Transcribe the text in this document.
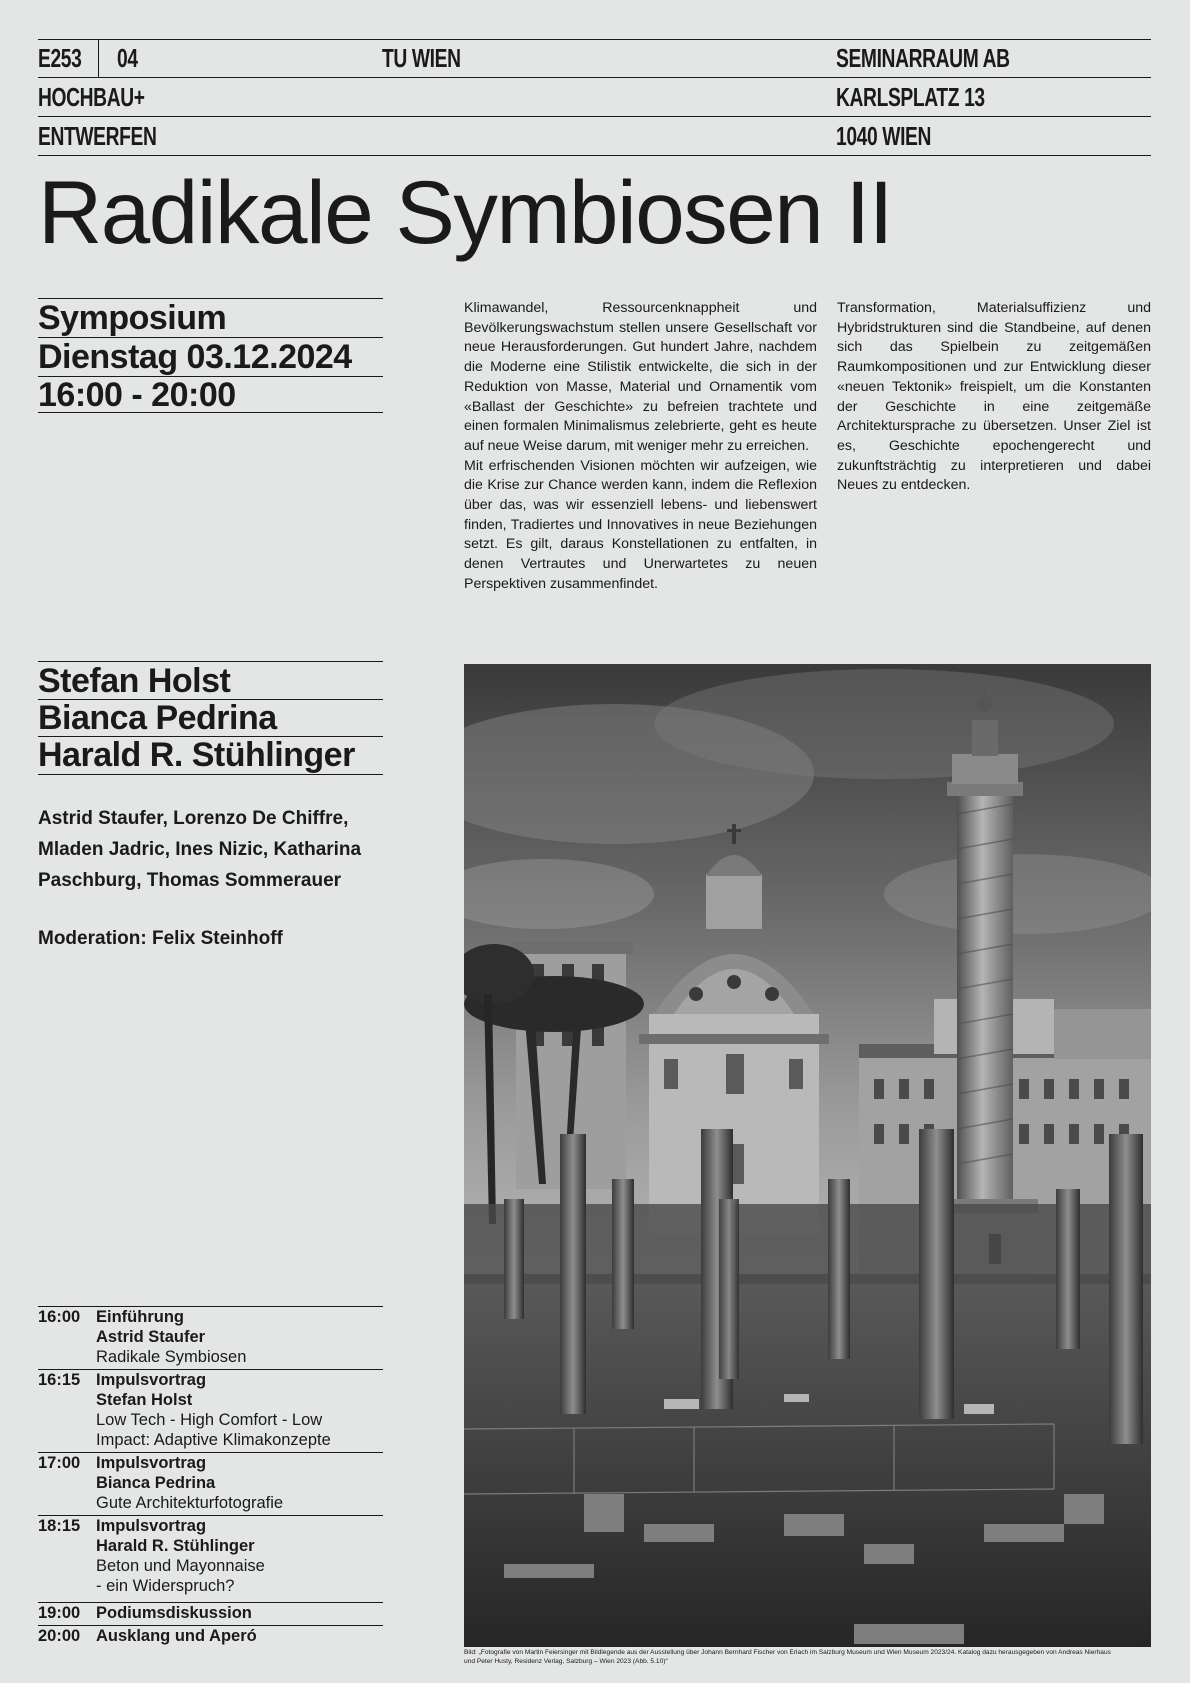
E253 04
HOCHBAU+
ENTWERFEN
TU WIEN	SEMINARRAUM AB
KARLSPLATZ 13
1040 WIEN
Radikale Symbiosen II
Symposium
Dienstag 03.12.2024
16:00 - 20:00

Klimawandel, Ressourcenknappheit und Bevölkerungswachstum stellen unsere Gesellschaft vor neue Herausforderungen. Gut hundert Jahre, nachdem die Moderne eine Stilistik entwickelte, die sich in der Reduktion von Masse, Material und Ornamentik vom «Ballast der Geschichte» zu befreien trachtete und einen formalen Minimalismus zelebrierte, geht es heute auf neue Weise darum, mit weniger mehr zu erreichen.

Mit erfrischenden Visionen möchten wir aufzeigen, wie die Krise zur Chance werden kann, indem die Reflexion über das, was wir essenziell lebens- und liebenswert finden, Tradiertes und Innovatives in neue Beziehungen setzt. Es gilt, daraus Konstellationen zu entfalten, in denen Vertrautes und Unerwartetes zu neuen Perspektiven zusammenfindet.

Transformation, Materialsuffizienz und Hybridstrukturen sind die Standbeine, auf denen sich das Spielbein zu zeitgemäßen Raumkompositionen und zur Entwicklung dieser «neuen Tektonik» freispielt, um die Konstanten der Geschichte in eine zeitgemäße Architektursprache zu übersetzen. Unser Ziel ist es, Geschichte epochengerecht und zukunftsträchtig zu interpretieren und dabei Neues zu entdecken.

Stefan Holst
Bianca Pedrina
Harald R. Stühlinger
Astrid Staufer, Lorenzo De Chiffre, Mladen Jadric, Ines Nizic, Katharina Paschburg, Thomas Sommerauer
Moderation: Felix Steinhoff
16:00 Einführung
Astrid Staufer
Radikale Symbiosen
16:15 Impulsvortrag
Stefan Holst
Low Tech - High Comfort - Low
Impact: Adaptive Klimakonzepte
17:00 Impulsvortrag
Bianca Pedrina
Gute Architekturfotografie
18:15 Impulsvortrag
Harald R. Stühlinger
Beton und Mayonnaise
- ein Widerspruch?
19:00 Podiumsdiskussion
20:00 Ausklang und Aperó
Bild: „Fotografie von Martin Feiersinger mit Bildlegende aus der Ausstellung über Johann Bernhard Fischer von Erlach im Salzburg Museum und Wien Museum 2023/24. Katalog dazu herausgegeben von Andreas Nierhaus
und Peter Husty, Residenz Verlag, Salzburg – Wien 2023 (Abb. 5.10)“
